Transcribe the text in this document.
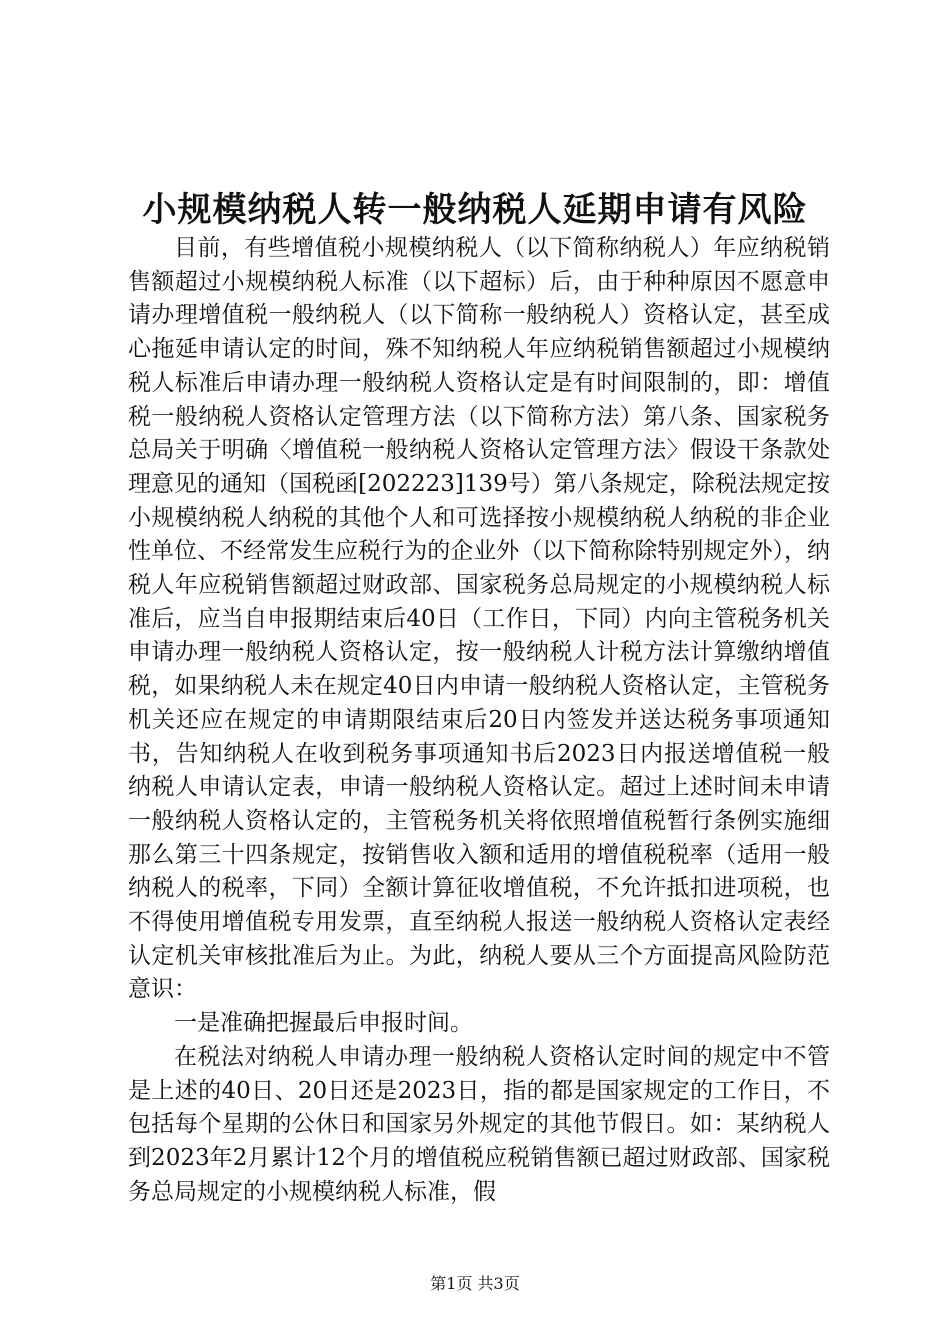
小规模纳税人转一般纳税人延期申请有风险

目前，有些增值税小规模纳税人（以下简称纳税人）年应纳税销售额超过小规模纳税人标准（以下超标）后，由于种种原因不愿意申请办理增值税一般纳税人（以下简称一般纳税人）资格认定，甚至成心拖延申请认定的时间，殊不知纳税人年应纳税销售额超过小规模纳税人标准后申请办理一般纳税人资格认定是有时间限制的，即：增值税一般纳税人资格认定管理方法（以下简称方法）第八条、国家税务总局关于明确〈增值税一般纳税人资格认定管理方法〉假设干条款处理意见的通知（国税函[202223]139号）第八条规定，除税法规定按小规模纳税人纳税的其他个人和可选择按小规模纳税人纳税的非企业性单位、不经常发生应税行为的企业外（以下简称除特别规定外），纳税人年应税销售额超过财政部、国家税务总局规定的小规模纳税人标准后，应当自申报期结束后40日（工作日，下同）内向主管税务机关申请办理一般纳税人资格认定，按一般纳税人计税方法计算缴纳增值税，如果纳税人未在规定40日内申请一般纳税人资格认定，主管税务机关还应在规定的申请期限结束后20日内签发并送达税务事项通知书，告知纳税人在收到税务事项通知书后2023日内报送增值税一般纳税人申请认定表，申请一般纳税人资格认定。超过上述时间未申请一般纳税人资格认定的，主管税务机关将依照增值税暂行条例实施细那么第三十四条规定，按销售收入额和适用的增值税税率（适用一般纳税人的税率，下同）全额计算征收增值税，不允许抵扣进项税，也不得使用增值税专用发票，直至纳税人报送一般纳税人资格认定表经认定机关审核批准后为止。为此，纳税人要从三个方面提高风险防范意识：

一是准确把握最后申报时间。

在税法对纳税人申请办理一般纳税人资格认定时间的规定中不管是上述的40日、20日还是2023日，指的都是国家规定的工作日，不包括每个星期的公休日和国家另外规定的其他节假日。如：某纳税人到2023年2月累计12个月的增值税应税销售额已超过财政部、国家税务总局规定的小规模纳税人标准，假

第1页 共3页
